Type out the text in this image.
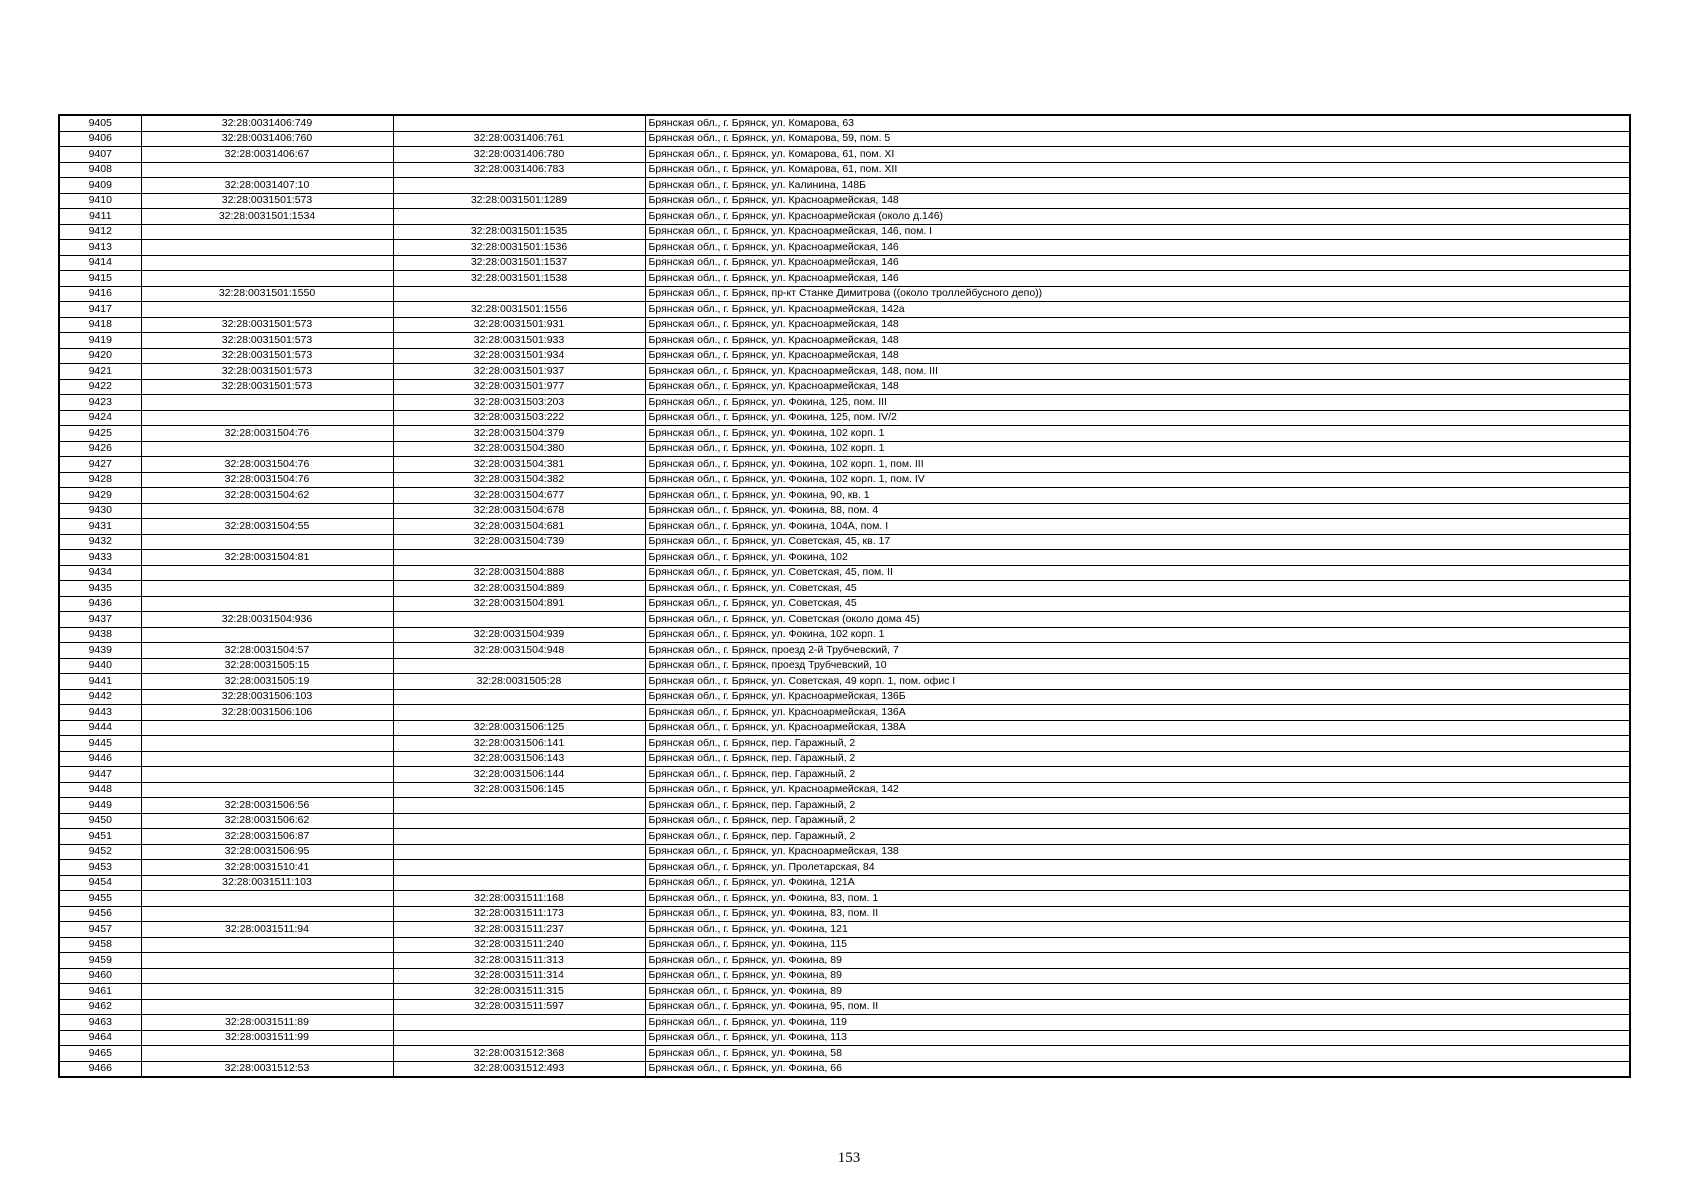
9405	32:28:0031406:749		Брянская обл., г. Брянск, ул. Комарова, 63
9406	32:28:0031406:760	32:28:0031406:761	Брянская обл., г. Брянск, ул. Комарова, 59, пом. 5
9407	32:28:0031406:67	32:28:0031406:780	Брянская обл., г. Брянск, ул. Комарова, 61, пом. XI
9408		32:28:0031406:783	Брянская обл., г. Брянск, ул. Комарова, 61, пом. XII
9409	32:28:0031407:10		Брянская обл., г. Брянск, ул. Калинина, 148Б
9410	32:28:0031501:573	32:28:0031501:1289	Брянская обл., г. Брянск, ул. Красноармейская, 148
9411	32:28:0031501:1534		Брянская обл., г. Брянск, ул. Красноармейская (около д.146)
9412		32:28:0031501:1535	Брянская обл., г. Брянск, ул. Красноармейская, 146, пом. I
9413		32:28:0031501:1536	Брянская обл., г. Брянск, ул. Красноармейская, 146
9414		32:28:0031501:1537	Брянская обл., г. Брянск, ул. Красноармейская, 146
9415		32:28:0031501:1538	Брянская обл., г. Брянск, ул. Красноармейская, 146
9416	32:28:0031501:1550		Брянская обл., г. Брянск, пр-кт Станке Димитрова ((около троллейбусного депо))
9417		32:28:0031501:1556	Брянская обл., г. Брянск, ул. Красноармейская, 142а
9418	32:28:0031501:573	32:28:0031501:931	Брянская обл., г. Брянск, ул. Красноармейская, 148
9419	32:28:0031501:573	32:28:0031501:933	Брянская обл., г. Брянск, ул. Красноармейская, 148
9420	32:28:0031501:573	32:28:0031501:934	Брянская обл., г. Брянск, ул. Красноармейская, 148
9421	32:28:0031501:573	32:28:0031501:937	Брянская обл., г. Брянск, ул. Красноармейская, 148, пом. III
9422	32:28:0031501:573	32:28:0031501:977	Брянская обл., г. Брянск, ул. Красноармейская, 148
9423		32:28:0031503:203	Брянская обл., г. Брянск, ул. Фокина, 125, пом. III
9424		32:28:0031503:222	Брянская обл., г. Брянск, ул. Фокина, 125, пом. IV/2
9425	32:28:0031504:76	32:28:0031504:379	Брянская обл., г. Брянск, ул. Фокина, 102 корп. 1
9426		32:28:0031504:380	Брянская обл., г. Брянск, ул. Фокина, 102 корп. 1
9427	32:28:0031504:76	32:28:0031504:381	Брянская обл., г. Брянск, ул. Фокина, 102 корп. 1, пом. III
9428	32:28:0031504:76	32:28:0031504:382	Брянская обл., г. Брянск, ул. Фокина, 102 корп. 1, пом. IV
9429	32:28:0031504:62	32:28:0031504:677	Брянская обл., г. Брянск, ул. Фокина, 90, кв. 1
9430		32:28:0031504:678	Брянская обл., г. Брянск, ул. Фокина, 88, пом. 4
9431	32:28:0031504:55	32:28:0031504:681	Брянская обл., г. Брянск, ул. Фокина, 104А, пом. I
9432		32:28:0031504:739	Брянская обл., г. Брянск, ул. Советская, 45, кв. 17
9433	32:28:0031504:81		Брянская обл., г. Брянск, ул. Фокина, 102
9434		32:28:0031504:888	Брянская обл., г. Брянск, ул. Советская, 45, пом. II
9435		32:28:0031504:889	Брянская обл., г. Брянск, ул. Советская, 45
9436		32:28:0031504:891	Брянская обл., г. Брянск, ул. Советская, 45
9437	32:28:0031504:936		Брянская обл., г. Брянск, ул. Советская (около дома 45)
9438		32:28:0031504:939	Брянская обл., г. Брянск, ул. Фокина, 102 корп. 1
9439	32:28:0031504:57	32:28:0031504:948	Брянская обл., г. Брянск, проезд 2-й Трубчевский, 7
9440	32:28:0031505:15		Брянская обл., г. Брянск, проезд Трубчевский, 10
9441	32:28:0031505:19	32:28:0031505:28	Брянская обл., г. Брянск, ул. Советская, 49 корп. 1, пом. офис I
9442	32:28:0031506:103		Брянская обл., г. Брянск, ул. Красноармейская, 136Б
9443	32:28:0031506:106		Брянская обл., г. Брянск, ул. Красноармейская, 136А
9444		32:28:0031506:125	Брянская обл., г. Брянск, ул. Красноармейская, 138А
9445		32:28:0031506:141	Брянская обл., г. Брянск, пер. Гаражный, 2
9446		32:28:0031506:143	Брянская обл., г. Брянск, пер. Гаражный, 2
9447		32:28:0031506:144	Брянская обл., г. Брянск, пер. Гаражный, 2
9448		32:28:0031506:145	Брянская обл., г. Брянск, ул. Красноармейская, 142
9449	32:28:0031506:56		Брянская обл., г. Брянск, пер. Гаражный, 2
9450	32:28:0031506:62		Брянская обл., г. Брянск, пер. Гаражный, 2
9451	32:28:0031506:87		Брянская обл., г. Брянск, пер. Гаражный, 2
9452	32:28:0031506:95		Брянская обл., г. Брянск, ул. Красноармейская, 138
9453	32:28:0031510:41		Брянская обл., г. Брянск, ул. Пролетарская, 84
9454	32:28:0031511:103		Брянская обл., г. Брянск, ул. Фокина, 121А
9455		32:28:0031511:168	Брянская обл., г. Брянск, ул. Фокина, 83, пом. 1
9456		32:28:0031511:173	Брянская обл., г. Брянск, ул. Фокина, 83, пом. II
9457	32:28:0031511:94	32:28:0031511:237	Брянская обл., г. Брянск, ул. Фокина, 121
9458		32:28:0031511:240	Брянская обл., г. Брянск, ул. Фокина, 115
9459		32:28:0031511:313	Брянская обл., г. Брянск, ул. Фокина, 89
9460		32:28:0031511:314	Брянская обл., г. Брянск, ул. Фокина, 89
9461		32:28:0031511:315	Брянская обл., г. Брянск, ул. Фокина, 89
9462		32:28:0031511:597	Брянская обл., г. Брянск, ул. Фокина, 95, пом. II
9463	32:28:0031511:89		Брянская обл., г. Брянск, ул. Фокина, 119
9464	32:28:0031511:99		Брянская обл., г. Брянск, ул. Фокина, 113
9465		32:28:0031512:368	Брянская обл., г. Брянск, ул. Фокина, 58
9466	32:28:0031512:53	32:28:0031512:493	Брянская обл., г. Брянск, ул. Фокина, 66
153
